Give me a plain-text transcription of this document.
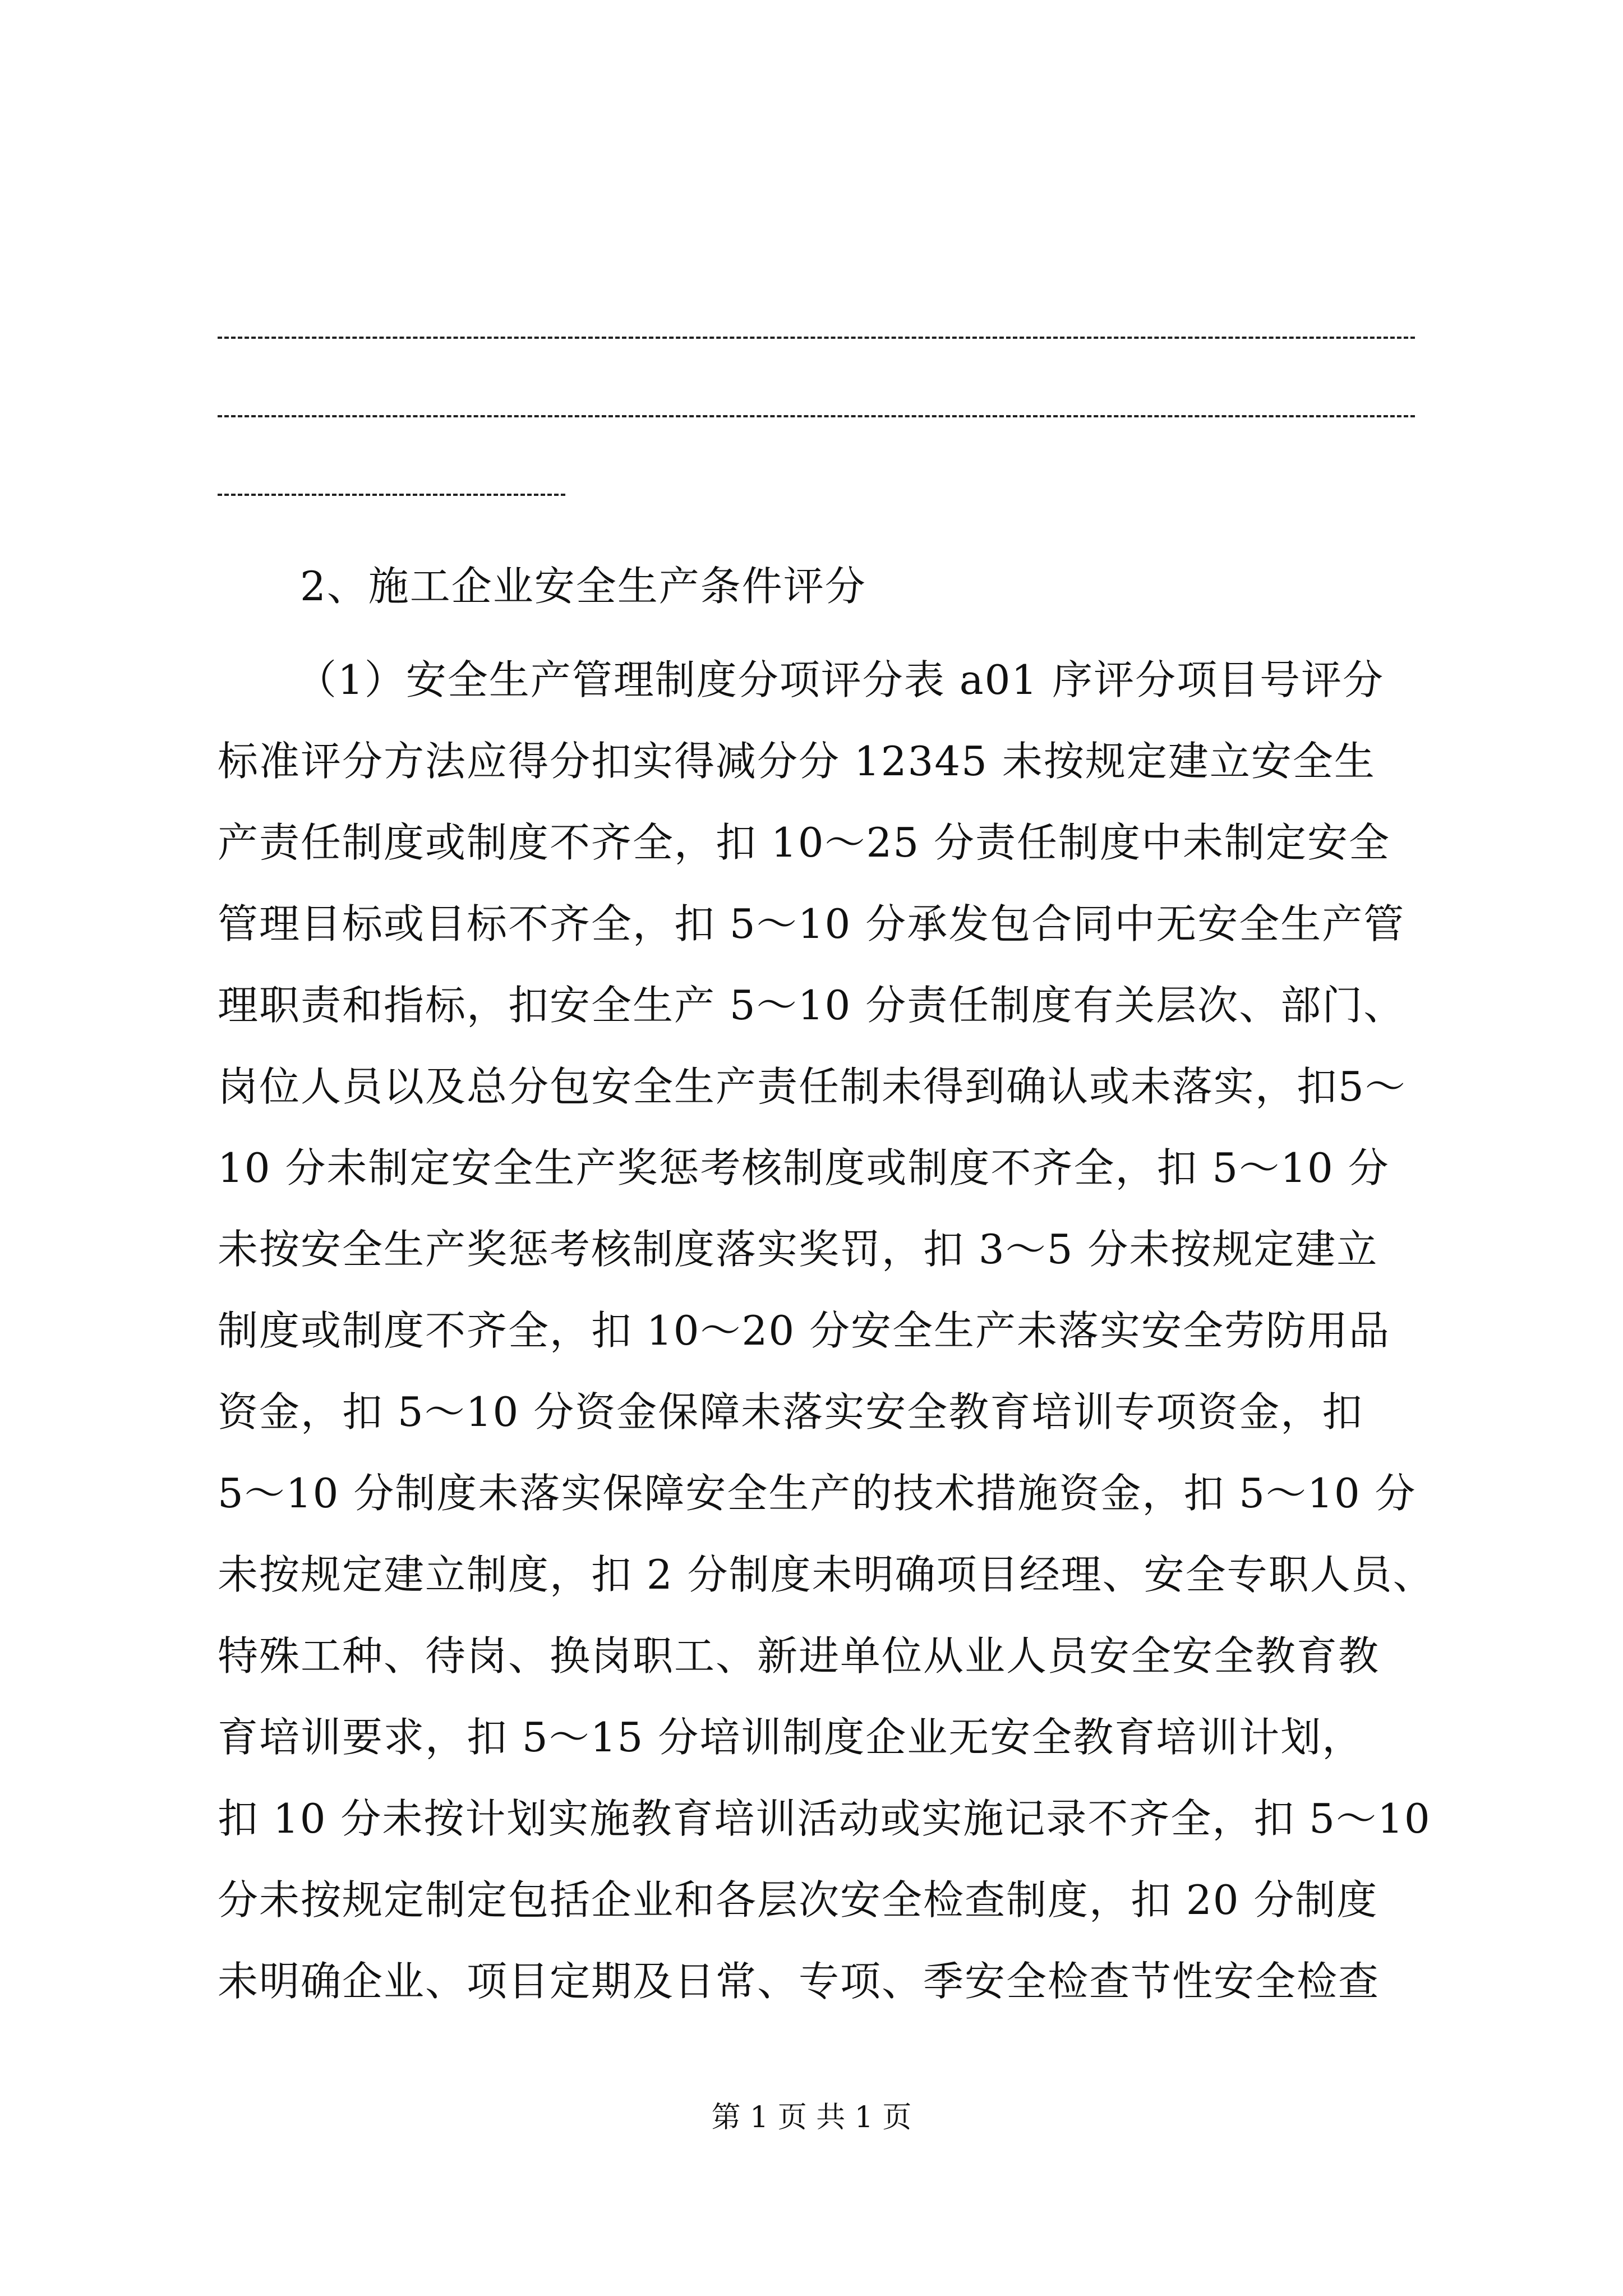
2、施工企业安全生产条件评分
（1）安全生产管理制度分项评分表 a01 序评分项目号评分
标准评分方法应得分扣实得减分分 12345 未按规定建立安全生
产责任制度或制度不齐全，扣 10～25 分责任制度中未制定安全
管理目标或目标不齐全，扣 5～10 分承发包合同中无安全生产管
理职责和指标，扣安全生产 5～10 分责任制度有关层次、部门、
岗位人员以及总分包安全生产责任制未得到确认或未落实，扣5～
10 分未制定安全生产奖惩考核制度或制度不齐全，扣 5～10 分
未按安全生产奖惩考核制度落实奖罚，扣 3～5 分未按规定建立
制度或制度不齐全，扣 10～20 分安全生产未落实安全劳防用品
资金，扣 5～10 分资金保障未落实安全教育培训专项资金，扣
5～10 分制度未落实保障安全生产的技术措施资金，扣 5～10 分
未按规定建立制度，扣 2 分制度未明确项目经理、安全专职人员、
特殊工种、待岗、换岗职工、新进单位从业人员安全安全教育教
育培训要求，扣 5～15 分培训制度企业无安全教育培训计划，
扣 10 分未按计划实施教育培训活动或实施记录不齐全，扣 5～10
分未按规定制定包括企业和各层次安全检查制度，扣 20 分制度
未明确企业、项目定期及日常、专项、季安全检查节性安全检查
第 1 页 共 1 页
